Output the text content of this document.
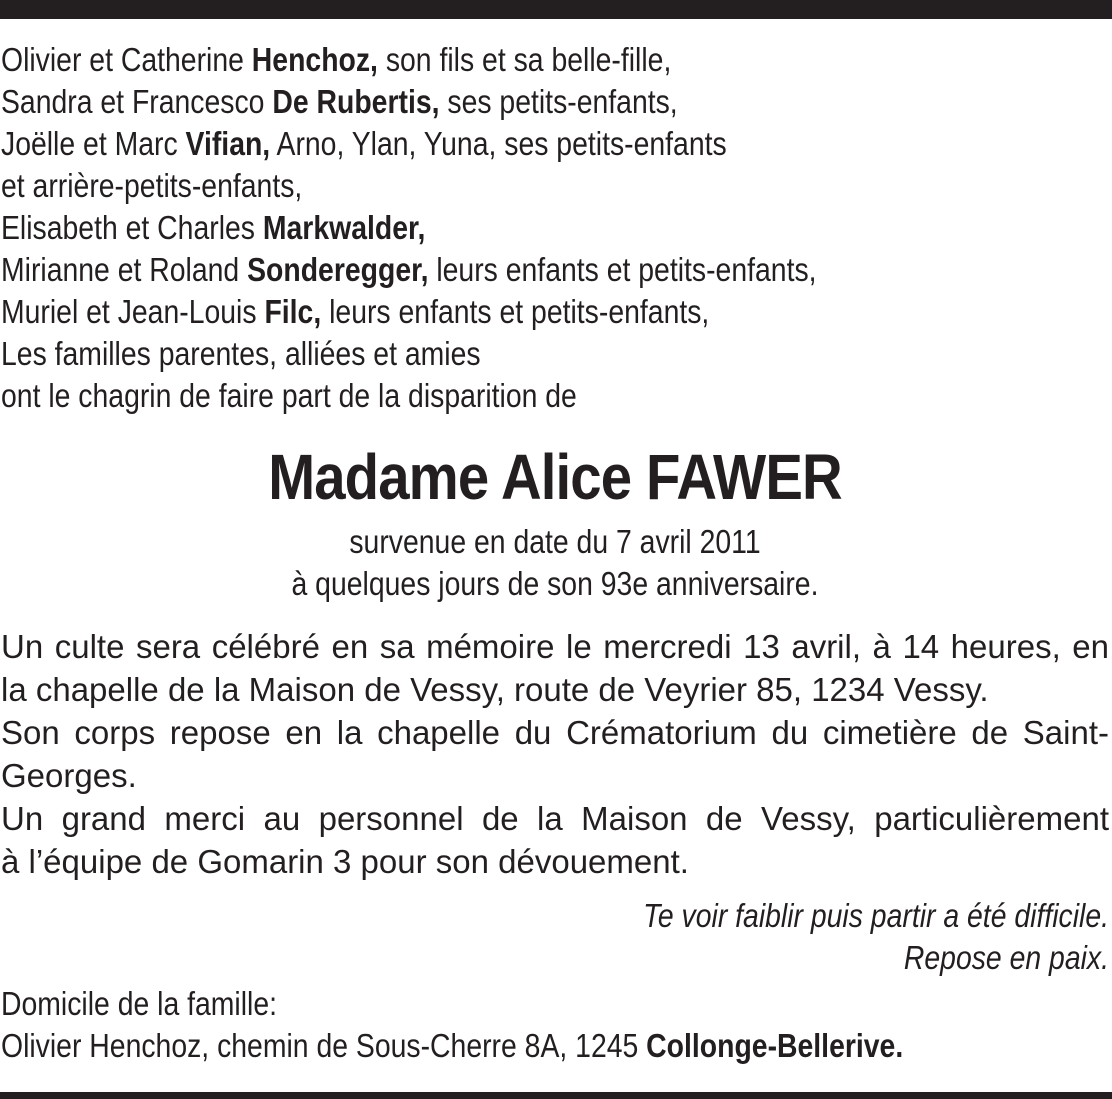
Olivier et Catherine Henchoz, son fils et sa belle-fille,
Sandra et Francesco De Rubertis, ses petits-enfants,
Joëlle et Marc Vifian, Arno, Ylan, Yuna, ses petits-enfants
et arrière-petits-enfants,
Elisabeth et Charles Markwalder,
Mirianne et Roland Sonderegger, leurs enfants et petits-enfants,
Muriel et Jean-Louis Filc, leurs enfants et petits-enfants,
Les familles parentes, alliées et amies
ont le chagrin de faire part de la disparition de
Madame Alice FAWER
survenue en date du 7 avril 2011
à quelques jours de son 93e anniversaire.
Un culte sera célébré en sa mémoire le mercredi 13 avril, à 14 heures, en
la chapelle de la Maison de Vessy, route de Veyrier 85, 1234 Vessy.
Son corps repose en la chapelle du Crématorium du cimetière de Saint-
Georges.
Un grand merci au personnel de la Maison de Vessy, particulièrement
à l’équipe de Gomarin 3 pour son dévouement.
Te voir faiblir puis partir a été difficile.
Repose en paix.
Domicile de la famille:
Olivier Henchoz, chemin de Sous-Cherre 8A, 1245 Collonge-Bellerive.
